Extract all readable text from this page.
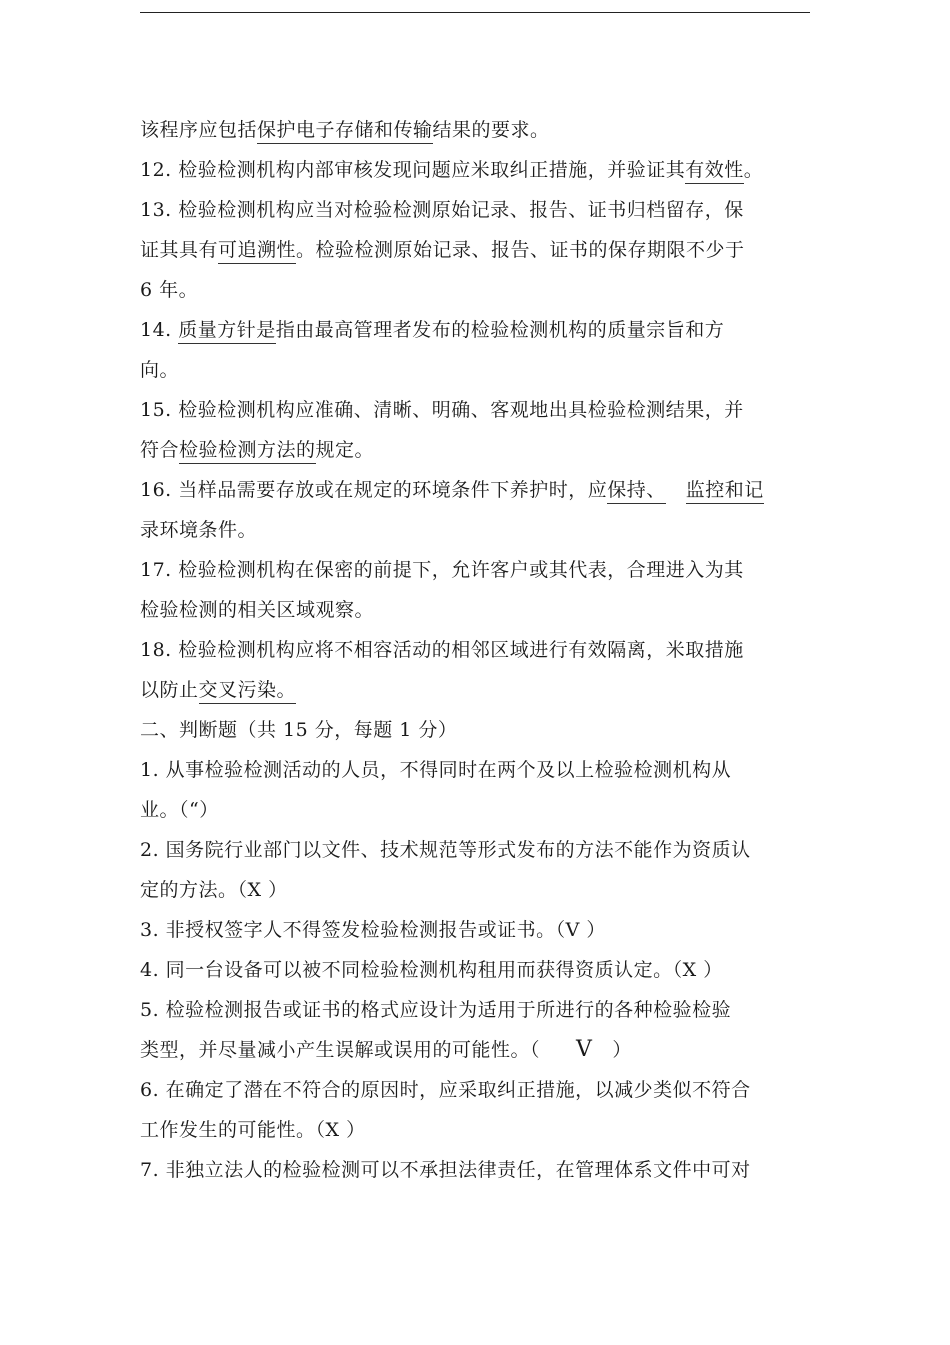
该程序应包括保护电子存储和传输结果的要求。
12. 检验检测机构内部审核发现问题应米取纠正措施，并验证其有效性。
13. 检验检测机构应当对检验检测原始记录、报告、证书归档留存，保
证其具有可追溯性。检验检测原始记录、报告、证书的保存期限不少于
6 年。
14. 质量方针是指由最高管理者发布的检验检测机构的质量宗旨和方
向。
15. 检验检测机构应准确、清晰、明确、客观地出具检验检测结果，并
符合检验检测方法的规定。
16. 当样品需要存放或在规定的环境条件下养护时，应保持、 监控和记
录环境条件。
17. 检验检测机构在保密的前提下，允许客户或其代表，合理进入为其
检验检测的相关区域观察。
18. 检验检测机构应将不相容活动的相邻区域进行有效隔离，米取措施
以防止交叉污染。
二、判断题（共 15 分，每题 1 分）
1. 从事检验检测活动的人员，不得同时在两个及以上检验检测机构从
业。（“）
2. 国务院行业部门以文件、技术规范等形式发布的方法不能作为资质认
定的方法。（X ）
3. 非授权签字人不得签发检验检测报告或证书。（V ）
4. 同一台设备可以被不同检验检测机构租用而获得资质认定。（X ）
5. 检验检测报告或证书的格式应设计为适用于所进行的各种检验检验
类型，并尽量减小产生误解或误用的可能性。（ V ）
6. 在确定了潜在不符合的原因时，应采取纠正措施，以减少类似不符合
工作发生的可能性。（X ）
7. 非独立法人的检验检测可以不承担法律责任，在管理体系文件中可对
